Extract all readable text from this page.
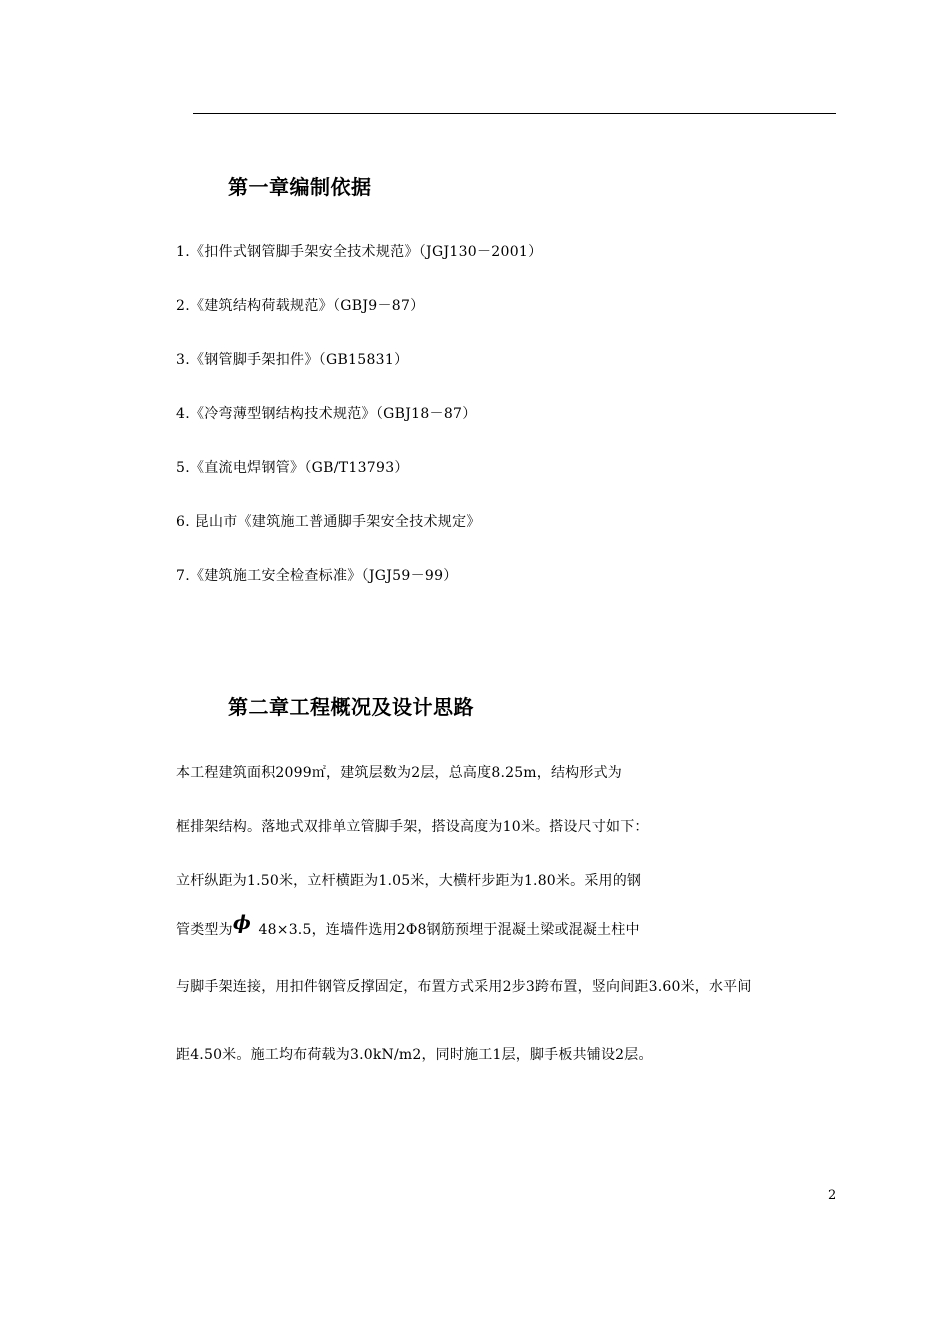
第一章编制依据

1.《扣件式钢管脚手架安全技术规范》（JGJ130－2001）

2.《建筑结构荷载规范》（GBJ9－87）

3.《钢管脚手架扣件》（GB15831）

4.《冷弯薄型钢结构技术规范》（GBJ18－87）

5.《直流电焊钢管》（GB/T13793）

6. 昆山市《建筑施工普通脚手架安全技术规定》

7.《建筑施工安全检查标准》（JGJ59－99）

第二章工程概况及设计思路

本工程建筑面积2099㎡，建筑层数为2层，总高度8.25m，结构形式为

框排架结构。落地式双排单立管脚手架，搭设高度为10米。搭设尺寸如下：

立杆纵距为1.50米，立杆横距为1.05米，大横杆步距为1.80米。采用的钢

管类型为ϕ 48×3.5，连墙件选用2Φ8钢筋预埋于混凝土梁或混凝土柱中

与脚手架连接，用扣件钢管反撑固定，布置方式采用2步3跨布置，竖向间距3.60米，水平间

距4.50米。施工均布荷载为3.0kN/m2，同时施工1层，脚手板共铺设2层。

2
